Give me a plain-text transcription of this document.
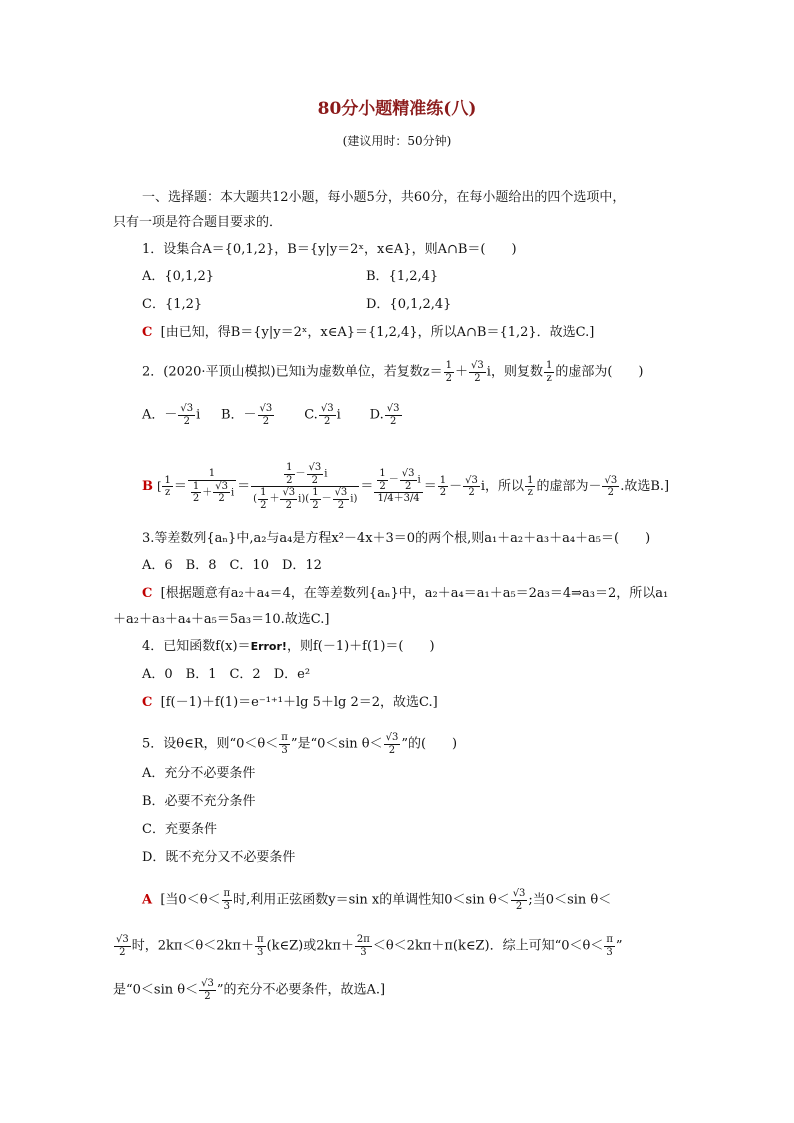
80分小题精准练(八)
(建议用时：50分钟)
一、选择题：本大题共12小题，每小题5分，共60分，在每小题给出的四个选项中，
只有一项是符合题目要求的．
1．设集合A＝{0,1,2}，B＝{y|y＝2ˣ，x∈A}，则A∩B＝(　　)
A．{0,1,2}	B．{1,2,4}
C．{1,2}	D．{0,1,2,4}
C [由已知，得B＝{y|y＝2ˣ，x∈A}＝{1,2,4}，所以A∩B＝{1,2}．故选C.]
2．(2020·平顶山模拟)已知i为虚数单位，若复数$z= \frac{1}{2} + \frac{√3}{2}$ i，则复数 $\frac{1}{z}$ 的虚部为(　　)
A．－ $\frac{√3}{2}$ i B．－ $\frac{√3}{2} C$. $\frac{√3}{2}$ i D. $\frac{√3}{2}$
B [ $\frac{1}{z} = \frac{1}{\frac{1}{2} + \frac{√3}{2} i} = \frac{\frac{1}{2} - \frac{√3}{2} i}{( \frac{1}{2} + \frac{√3}{2} i)( \frac{1}{2} - \frac{√3}{2} i)} = \frac{\frac{1}{2} - \frac{√3}{2} i}{1/4+3/4} = \frac{1}{2} - \frac{√3}{2}$ i，所以 $\frac{1}{z}$ 的虚部为－ $\frac{√3}{2}$ .故选B.]
3.等差数列{aₙ}中,a₂与a₄是方程x²－4x＋3＝0的两个根,则a₁＋a₂＋a₃＋a₄＋a₅＝(　　)
A．6　B．8　C．10　D．12
C [根据题意有a₂＋a₄＝4，在等差数列{aₙ}中，a₂＋a₄＝a₁＋a₅＝2a₃＝4⇒a₃＝2，所以a₁
＋a₂＋a₃＋a₄＋a₅＝5a₃＝10.故选C.]
4．已知函数f(x)＝Error!，则f(－1)＋f(1)＝(　　)
A．0　B．1　C．2　D．e²
C [f(－1)＋f(1)＝e⁻¹⁺¹＋lg 5＋lg 2＝2，故选C.]
5．设θ∈R，则“$0<\theta< \frac{\pi}{3}$ ”是“0＜sin $\theta< \frac{√3}{2}$ ”的(　　)
A．充分不必要条件
B．必要不充分条件
C．充要条件
D．既不充分又不必要条件
A [当$0<\theta< \frac{\pi}{3}$ 时,利用正弦函数y＝sin x的单调性知0＜sin $\theta< \frac{√3}{2}$ ;当0＜sin θ＜
$\frac{√3}{2}$ 时，$2k\pi<\theta<2k\pi+ \frac{\pi}{3}$ (k∈Z)或$2k\pi+ \frac{2\pi}{3}$ ＜θ＜2kπ＋π(k∈Z)．综上可知“$0<\theta< \frac{\pi}{3}$ ”
是“0＜sin $\theta< \frac{√3}{2}$ ”的充分不必要条件，故选A.]
